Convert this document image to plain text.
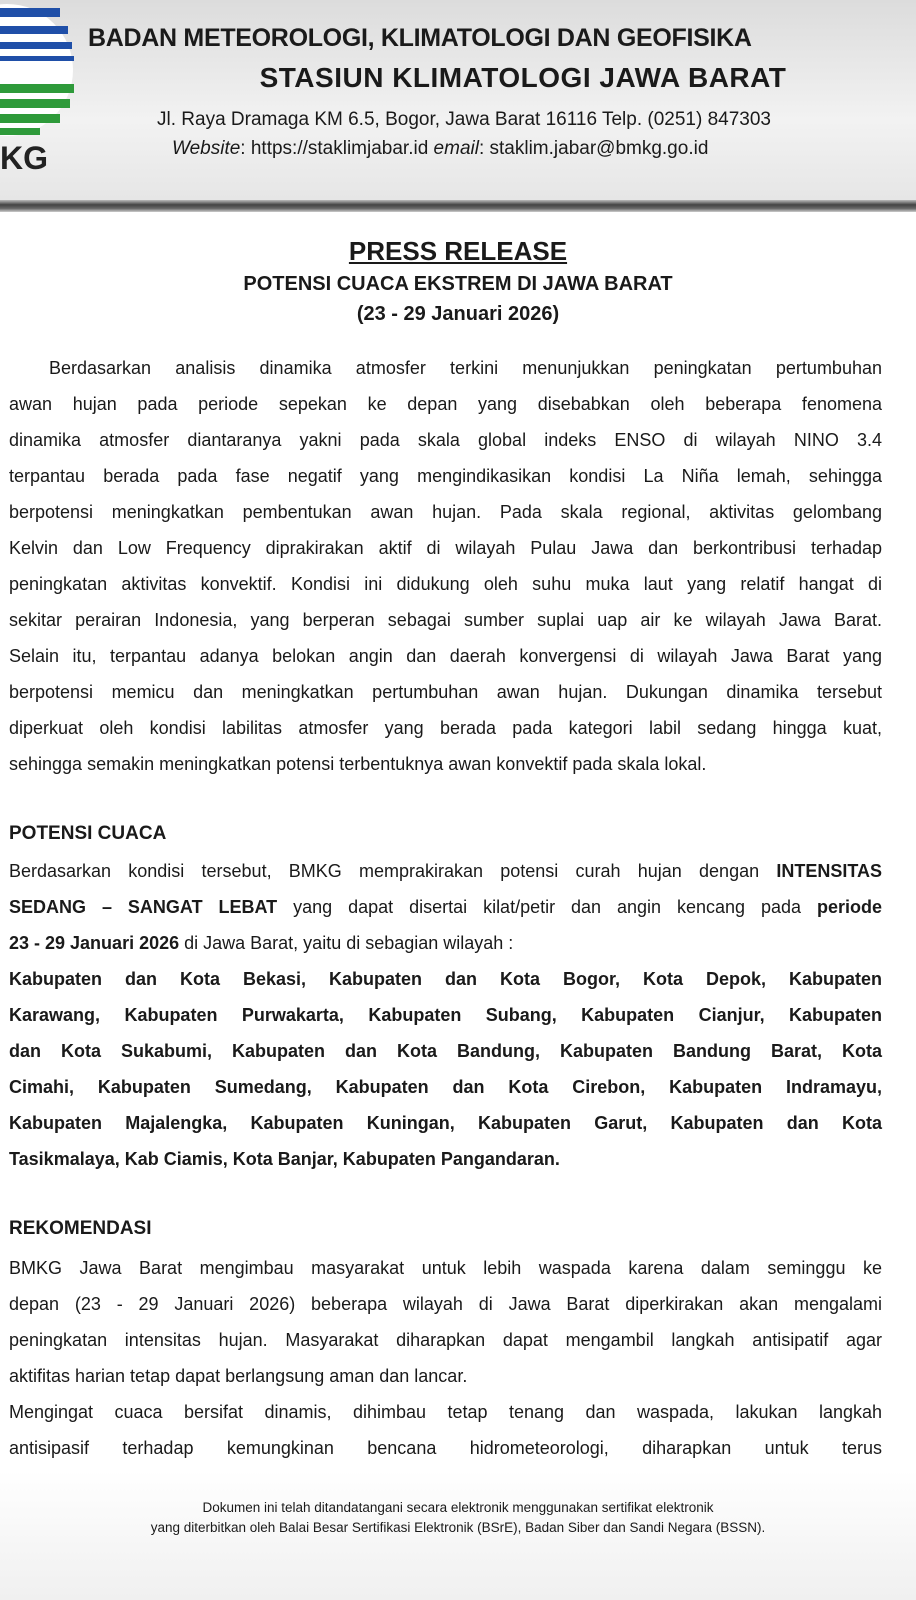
KG
BADAN METEOROLOGI, KLIMATOLOGI DAN GEOFISIKA
STASIUN KLIMATOLOGI JAWA BARAT
Jl. Raya Dramaga KM 6.5, Bogor, Jawa Barat 16116 Telp. (0251) 847303
Website: https://staklimjabar.id email: staklim.jabar@bmkg.go.id
PRESS RELEASE
POTENSI CUACA EKSTREM DI JAWA BARAT
(23 - 29 Januari 2026)
Berdasarkan analisis dinamika atmosfer terkini menunjukkan peningkatan pertumbuhan
awan hujan pada periode sepekan ke depan yang disebabkan oleh beberapa fenomena
dinamika atmosfer diantaranya yakni pada skala global indeks ENSO di wilayah NINO 3.4
terpantau berada pada fase negatif yang mengindikasikan kondisi La Niña lemah, sehingga
berpotensi meningkatkan pembentukan awan hujan. Pada skala regional, aktivitas gelombang
Kelvin dan Low Frequency diprakirakan aktif di wilayah Pulau Jawa dan berkontribusi terhadap
peningkatan aktivitas konvektif. Kondisi ini didukung oleh suhu muka laut yang relatif hangat di
sekitar perairan Indonesia, yang berperan sebagai sumber suplai uap air ke wilayah Jawa Barat.
Selain itu, terpantau adanya belokan angin dan daerah konvergensi di wilayah Jawa Barat yang
berpotensi memicu dan meningkatkan pertumbuhan awan hujan. Dukungan dinamika tersebut
diperkuat oleh kondisi labilitas atmosfer yang berada pada kategori labil sedang hingga kuat,
sehingga semakin meningkatkan potensi terbentuknya awan konvektif pada skala lokal.
POTENSI CUACA
Berdasarkan kondisi tersebut, BMKG memprakirakan potensi curah hujan dengan INTENSITAS
SEDANG – SANGAT LEBAT yang dapat disertai kilat/petir dan angin kencang pada periode
23 - 29 Januari 2026 di Jawa Barat, yaitu di sebagian wilayah :
Kabupaten dan Kota Bekasi, Kabupaten dan Kota Bogor, Kota Depok, Kabupaten
Karawang, Kabupaten Purwakarta, Kabupaten Subang, Kabupaten Cianjur, Kabupaten
dan Kota Sukabumi, Kabupaten dan Kota Bandung, Kabupaten Bandung Barat, Kota
Cimahi, Kabupaten Sumedang, Kabupaten dan Kota Cirebon, Kabupaten Indramayu,
Kabupaten Majalengka, Kabupaten Kuningan, Kabupaten Garut, Kabupaten dan Kota
Tasikmalaya, Kab Ciamis, Kota Banjar, Kabupaten Pangandaran.
REKOMENDASI
BMKG Jawa Barat mengimbau masyarakat untuk lebih waspada karena dalam seminggu ke
depan (23 - 29 Januari 2026) beberapa wilayah di Jawa Barat diperkirakan akan mengalami
peningkatan intensitas hujan. Masyarakat diharapkan dapat mengambil langkah antisipatif agar
aktifitas harian tetap dapat berlangsung aman dan lancar.
Mengingat cuaca bersifat dinamis, dihimbau tetap tenang dan waspada, lakukan langkah
antisipasif terhadap kemungkinan bencana hidrometeorologi, diharapkan untuk terus
Dokumen ini telah ditandatangani secara elektronik menggunakan sertifikat elektronik
yang diterbitkan oleh Balai Besar Sertifikasi Elektronik (BSrE), Badan Siber dan Sandi Negara (BSSN).
